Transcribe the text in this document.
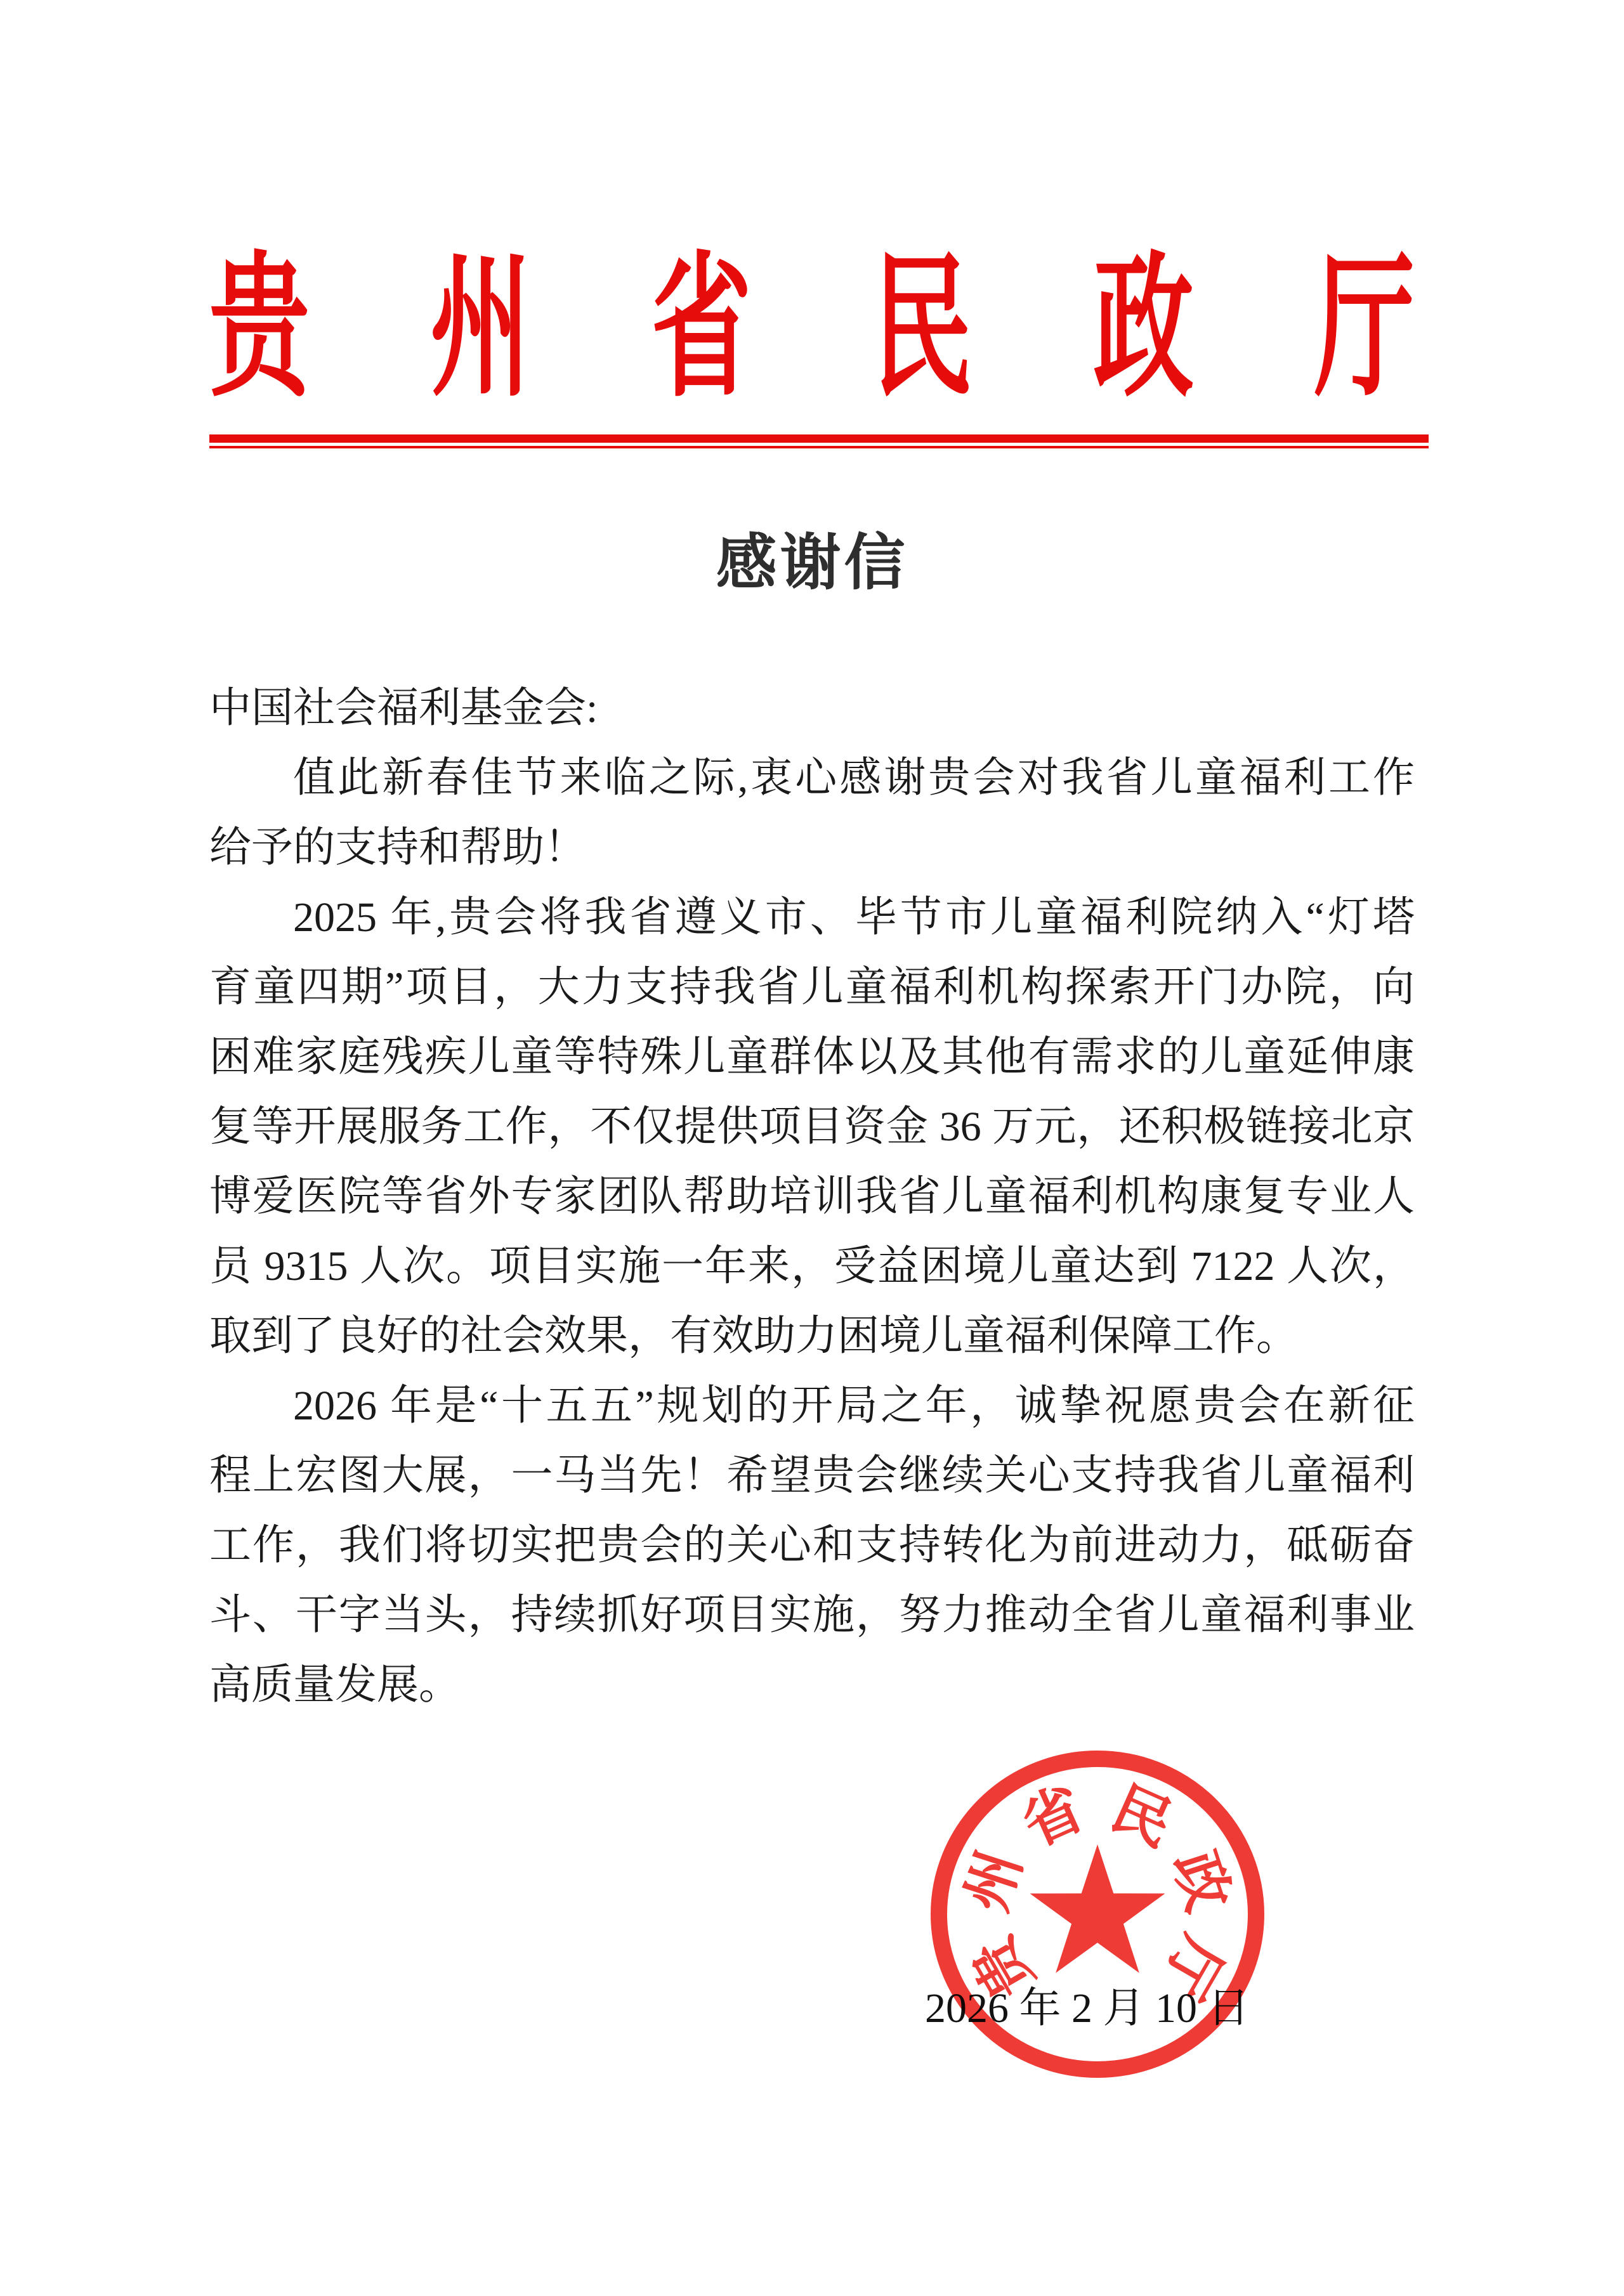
贵 州 省 民 政 厅
感谢信
中国社会福利基金会:
值此新春佳节来临之际,衷心感谢贵会对我省儿童福利工作
给予的支持和帮助！
2025 年,贵会将我省遵义市、毕节市儿童福利院纳入“灯塔
育童四期”项目，大力支持我省儿童福利机构探索开门办院，向
困难家庭残疾儿童等特殊儿童群体以及其他有需求的儿童延伸康
复等开展服务工作，不仅提供项目资金 36 万元，还积极链接北京
博爱医院等省外专家团队帮助培训我省儿童福利机构康复专业人
员 9315 人次。项目实施一年来，受益困境儿童达到 7122 人次，
取到了良好的社会效果，有效助力困境儿童福利保障工作。
2026 年是“十五五”规划的开局之年，诚挚祝愿贵会在新征
程上宏图大展，一马当先！希望贵会继续关心支持我省儿童福利
工作，我们将切实把贵会的关心和支持转化为前进动力，砥砺奋
斗、干字当头，持续抓好项目实施，努力推动全省儿童福利事业
高质量发展。
2026 年 2 月 10 日
贵
州
省 民
政
厅
